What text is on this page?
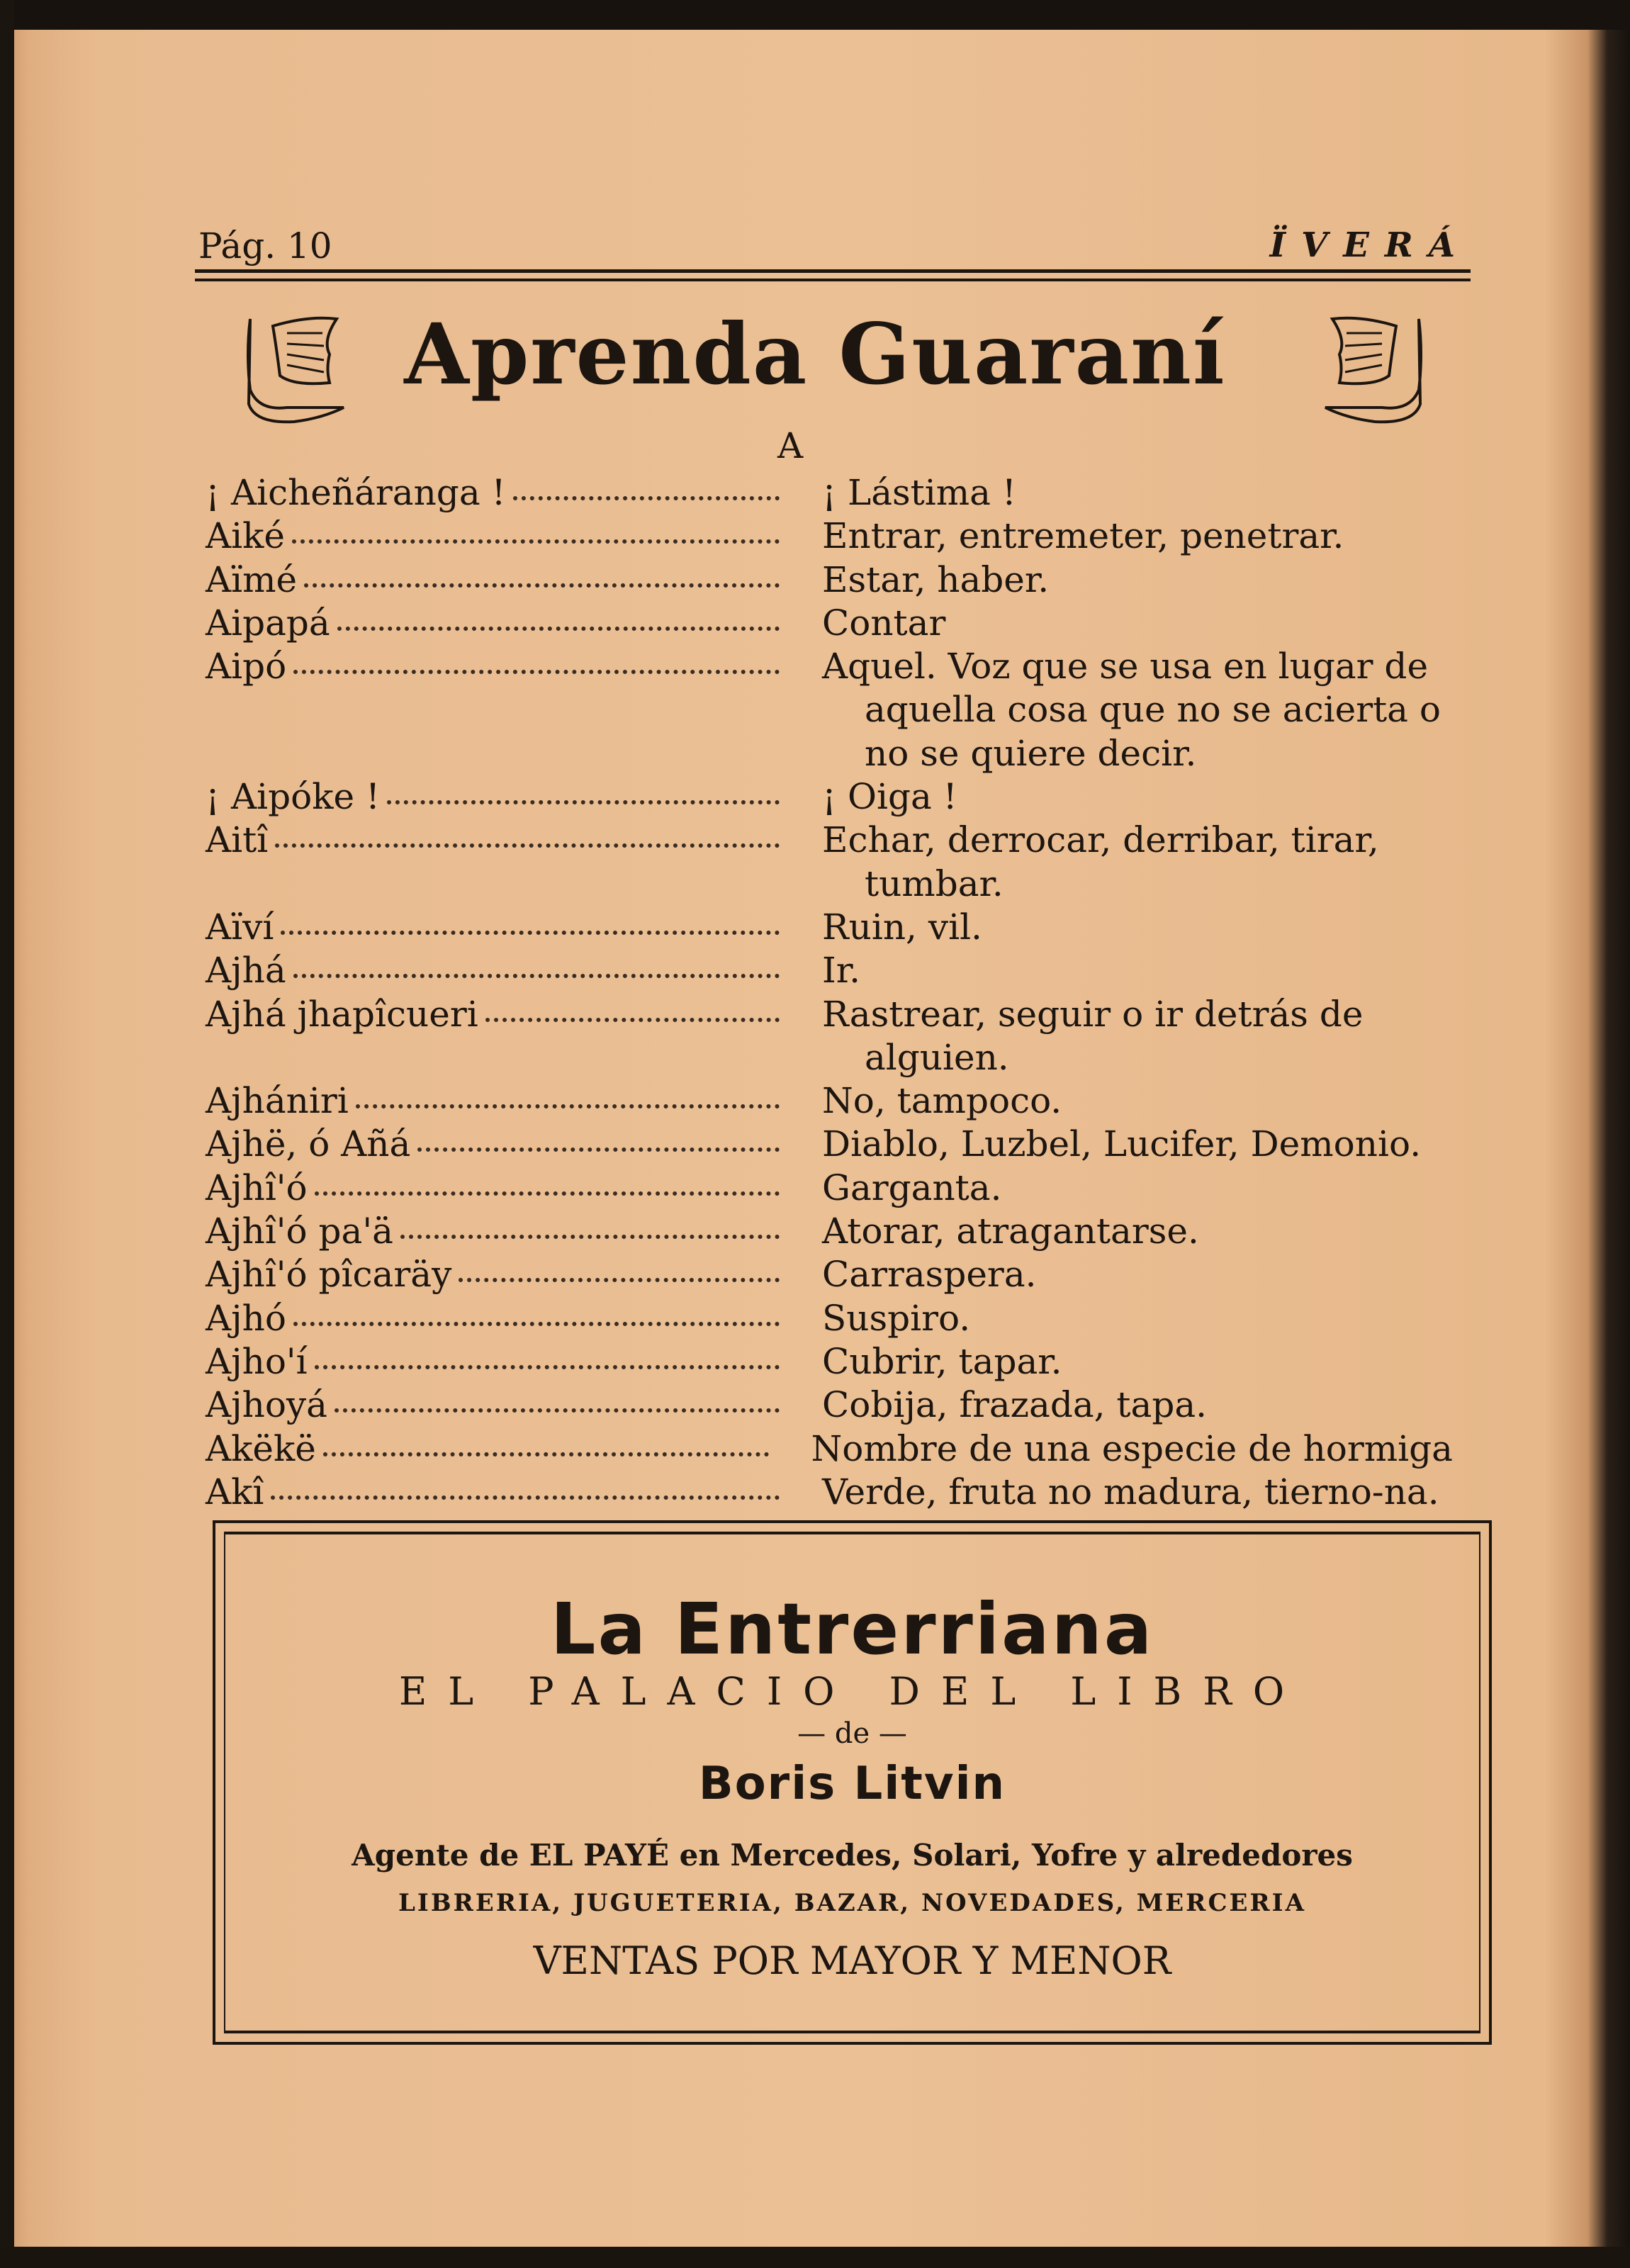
Pág. 10	ÏVERÁ
Aprenda Guaraní
A
¡ Aicheñáranga !	¡ Lástima !
Aiké	Entrar, entremeter, penetrar.
Aïmé	Estar, haber.
Aipapá	Contar
Aipó	Aquel. Voz que se usa en lugar de
aquella cosa que no se acierta o
no se quiere decir.
¡ Aipóke !	¡ Oiga !
Aitî	Echar, derrocar, derribar, tirar,
tumbar.
Aïví	Ruin, vil.
Ajhá	Ir.
Ajhá jhapîcueri	Rastrear, seguir o ir detrás de
alguien.
Ajhániri	No, tampoco.
Ajhë, ó Añá	Diablo, Luzbel, Lucifer, Demonio.
Ajhî'ó	Garganta.
Ajhî'ó pa'ä	Atorar, atragantarse.
Ajhî'ó pîcaräy	Carraspera.
Ajhó	Suspiro.
Ajho'í	Cubrir, tapar.
Ajhoyá	Cobija, frazada, tapa.
Akëkë	Nombre de una especie de hormiga
Akî	Verde, fruta no madura, tierno-na.
La Entrerriana
EL PALACIO DEL LIBRO
— de —
Boris Litvin
Agente de EL PAYÉ en Mercedes, Solari, Yofre y alrededores
LIBRERIA, JUGUETERIA, BAZAR, NOVEDADES, MERCERIA
VENTAS POR MAYOR Y MENOR
